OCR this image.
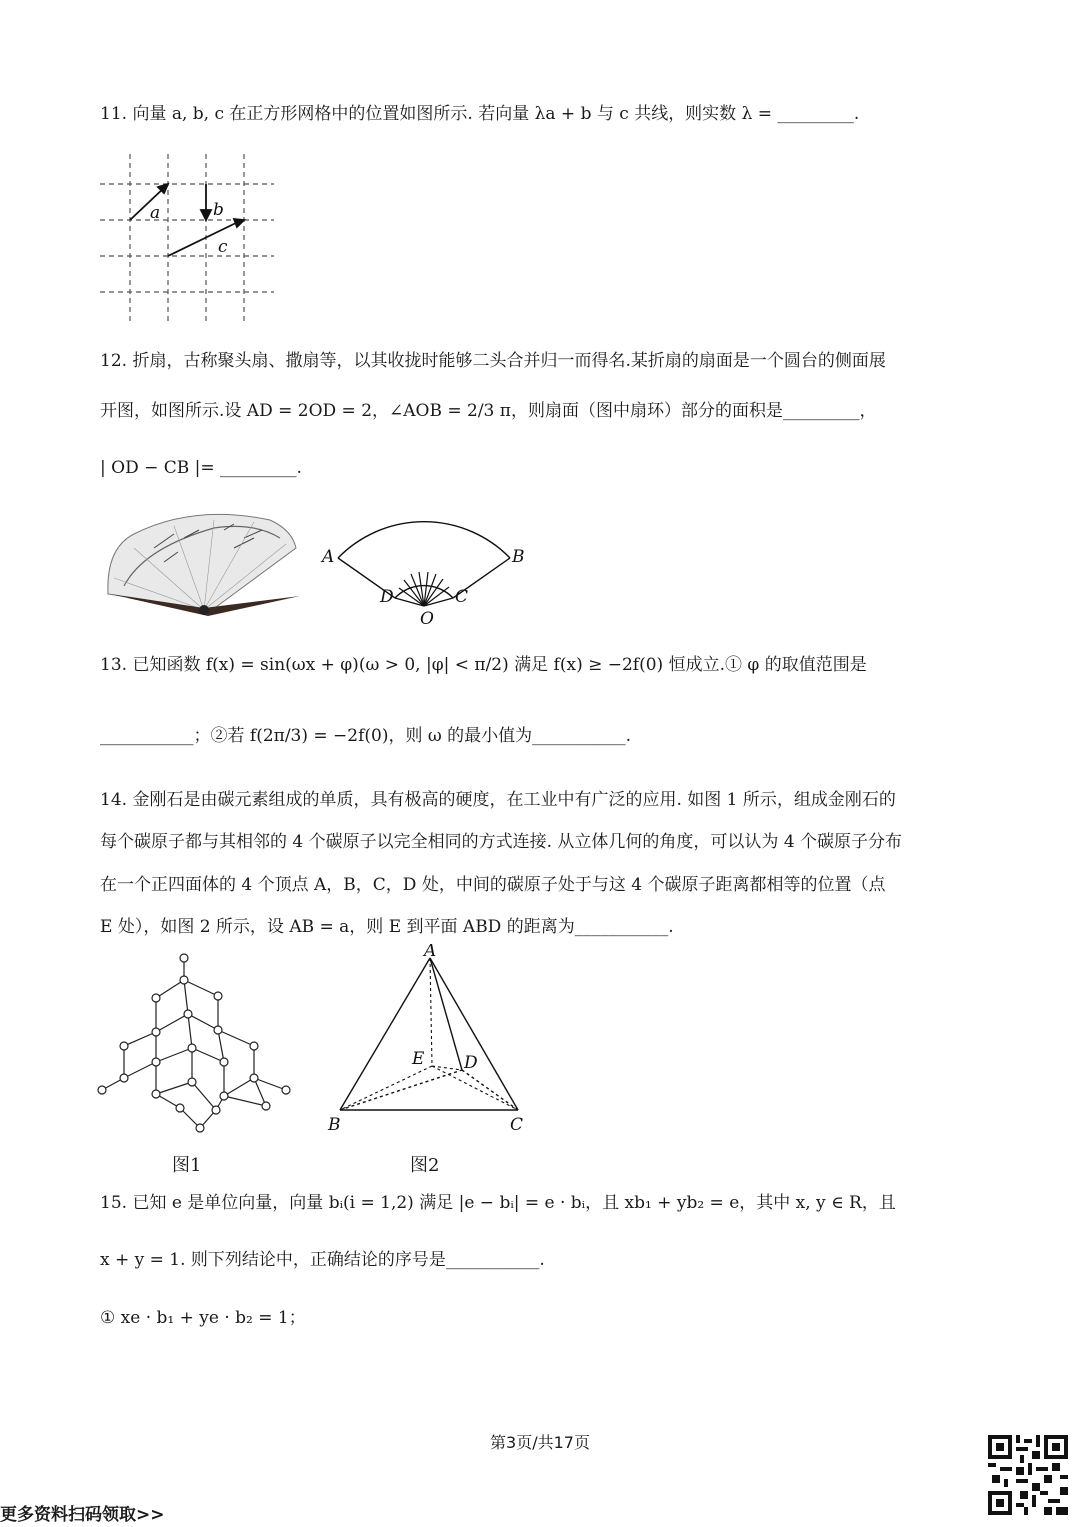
11. 向量 a, b, c 在正方形网格中的位置如图所示. 若向量 λa + b 与 c 共线，则实数 λ = _________.
a	b
c
12. 折扇，古称聚头扇、撒扇等，以其收拢时能够二头合并归一而得名.某折扇的扇面是一个圆台的侧面展
开图，如图所示.设 AD = 2OD = 2，∠AOB = 2/3 π，则扇面（图中扇环）部分的面积是_________，
| OD − CB |= _________.
A	B
D	C
O
13. 已知函数 f(x) = sin(ωx + φ)(ω > 0, |φ| < π/2) 满足 f(x) ≥ −2f(0) 恒成立.① φ 的取值范围是
___________；②若 f(2π/3) = −2f(0)，则 ω 的最小值为___________.
14. 金刚石是由碳元素组成的单质，具有极高的硬度，在工业中有广泛的应用. 如图 1 所示，组成金刚石的
每个碳原子都与其相邻的 4 个碳原子以完全相同的方式连接. 从立体几何的角度，可以认为 4 个碳原子分布
在一个正四面体的 4 个顶点 A，B，C，D 处，中间的碳原子处于与这 4 个碳原子距离都相等的位置（点
E 处），如图 2 所示，设 AB = a，则 E 到平面 ABD 的距离为___________.
图1
A
B	C
D
E
图2
15. 已知 e 是单位向量，向量 bᵢ(i = 1,2) 满足 |e − bᵢ| = e · bᵢ，且 xb₁ + yb₂ = e，其中 x, y ∈ R，且
x + y = 1. 则下列结论中，正确结论的序号是___________.
① xe · b₁ + ye · b₂ = 1；
第3页/共17页
更多资料扫码领取>>
